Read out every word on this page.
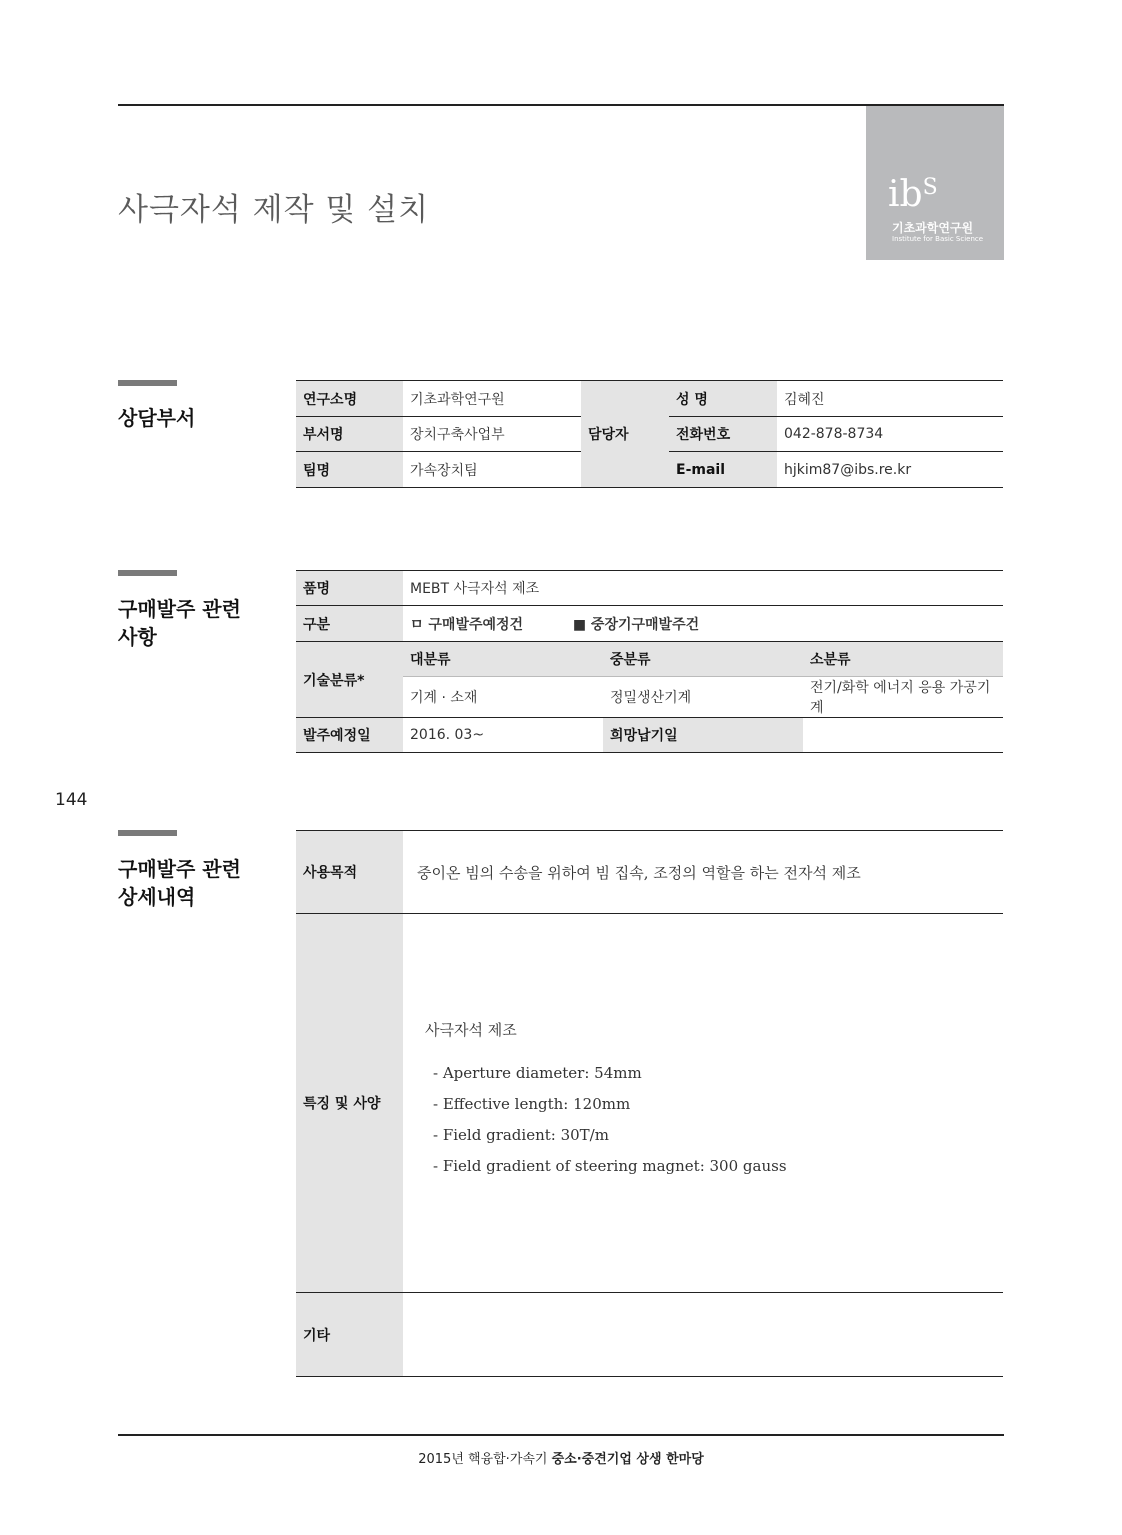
사극자석 제작 및 설치	$ib^S$
기초과학연구원
Institute for Basic Science
상담부서
연구소명	기초과학연구원	담당자	성 명	김혜진
부서명	장치구축사업부		전화번호	042-878-8734
팀명	가속장치팀		E-mail	hjkim87@ibs.re.kr
구매발주 관련
사항
품명	MEBT 사극자석 제조		
구분	ㅁ 구매발주예정건 ■ 중장기구매발주건		
기술분류*	대분류	중분류	소분류
	기계 · 소재	정밀생산기계	전기/화학 에너지 응용 가공기계
발주예정일	2016. 03~	희망납기일	
144
구매발주 관련
상세내역
사용목적	중이온 빔의 수송을 위하여 빔 집속, 조정의 역할을 하는 전자석 제조
특징 및 사양	사극자석 제조

- Aperture diameter: 54mm

- Effective length: 120mm

- Field gradient: 30T/m

- Field gradient of steering magnet: 300 gauss

기타	
2015년 핵융합·가속기 중소·중견기업 상생 한마당
